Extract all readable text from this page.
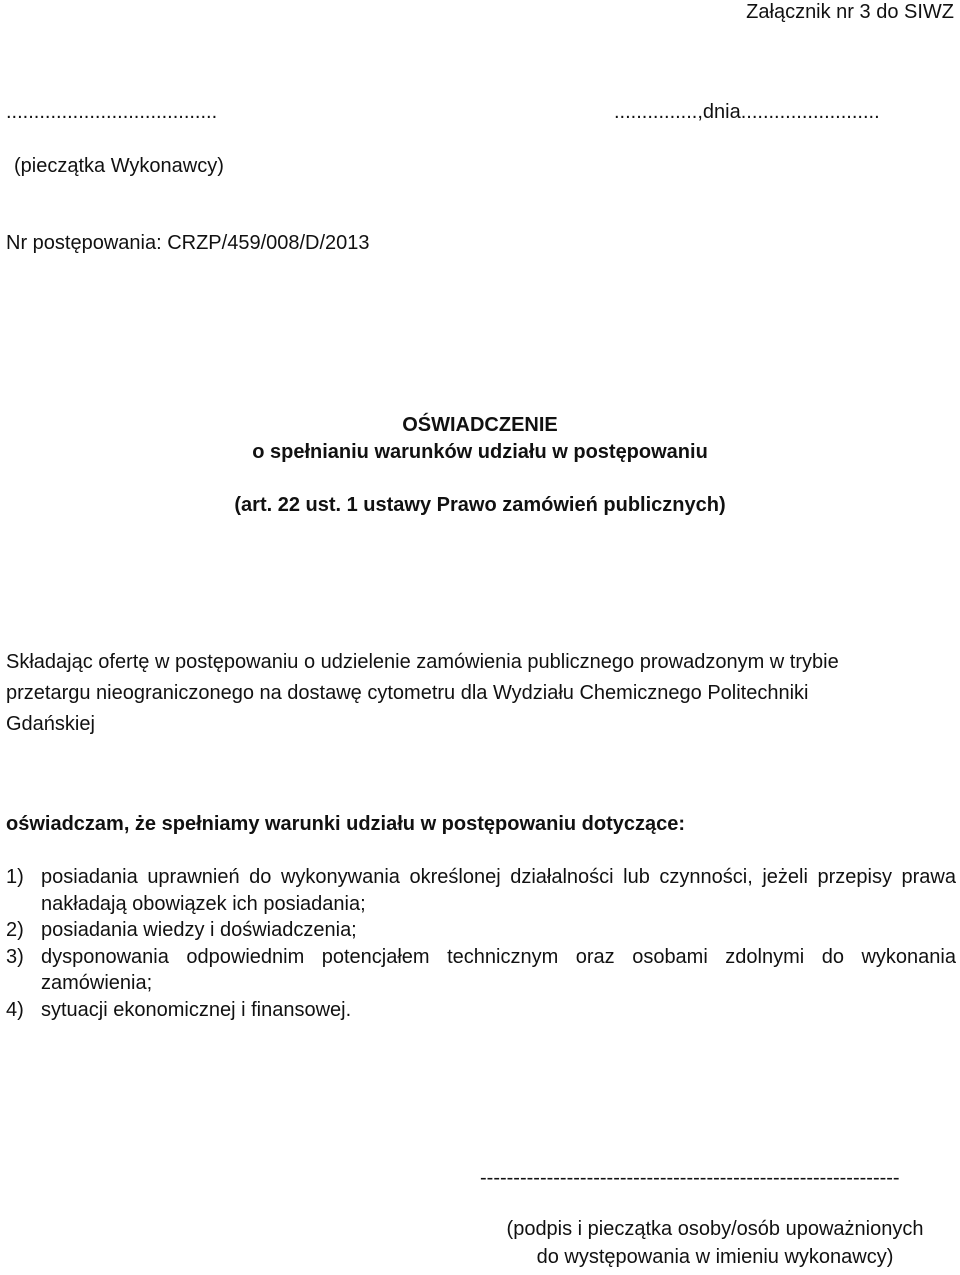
Załącznik nr 3 do SIWZ
......................................	...............,dnia.........................
(pieczątka Wykonawcy)
Nr postępowania: CRZP/459/008/D/2013
OŚWIADCZENIE
o spełnianiu warunków udziału w postępowaniu
(art. 22 ust. 1 ustawy Prawo zamówień publicznych)
Składając ofertę w postępowaniu o udzielenie zamówienia publicznego prowadzonym w trybie przetargu nieograniczonego na dostawę cytometru dla Wydziału Chemicznego Politechniki Gdańskiej
oświadczam, że spełniamy warunki udziału w postępowaniu dotyczące:
1) posiadania uprawnień do wykonywania określonej działalności lub czynności, jeżeli przepisy prawa nakładają obowiązek ich posiadania;
2) posiadania wiedzy i doświadczenia;
3) dysponowania odpowiednim potencjałem technicznym oraz osobami zdolnymi do wykonania zamówienia;
4) sytuacji ekonomicznej i finansowej.
---------------------------------------------------------------
(podpis i pieczątka osoby/osób upoważnionych
do występowania w imieniu wykonawcy)
